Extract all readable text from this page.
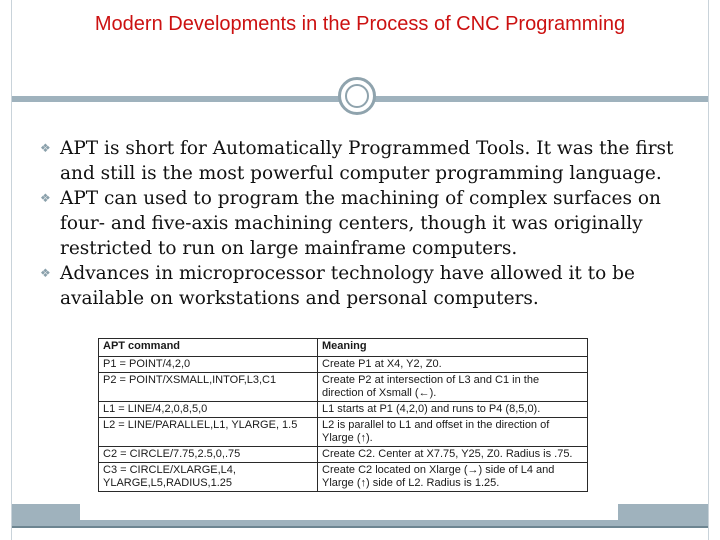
Modern Developments in the Process of CNC Programming
❖ APT is short for Automatically Programmed Tools. It was the first and still is the most powerful computer programming language.
❖ APT can used to program the machining of complex surfaces on four- and five-axis machining centers, though it was originally restricted to run on large mainframe computers.
❖ Advances in microprocessor technology have allowed it to be available on workstations and personal computers.
APT command	Meaning
P1 = POINT/4,2,0	Create P1 at X4, Y2, Z0.
P2 = POINT/XSMALL,INTOF,L3,C1	Create P2 at intersection of L3 and C1 in the direction of Xsmall (←).
L1 = LINE/4,2,0,8,5,0	L1 starts at P1 (4,2,0) and runs to P4 (8,5,0).
L2 = LINE/PARALLEL,L1, YLARGE, 1.5	L2 is parallel to L1 and offset in the direction of Ylarge (↑).
C2 = CIRCLE/7.75,2.5,0,.75	Create C2. Center at X7.75, Y25, Z0. Radius is .75.
C3 = CIRCLE/XLARGE,L4, YLARGE,L5,RADIUS,1.25	Create C2 located on Xlarge (→) side of L4 and Ylarge (↑) side of L2. Radius is 1.25.
